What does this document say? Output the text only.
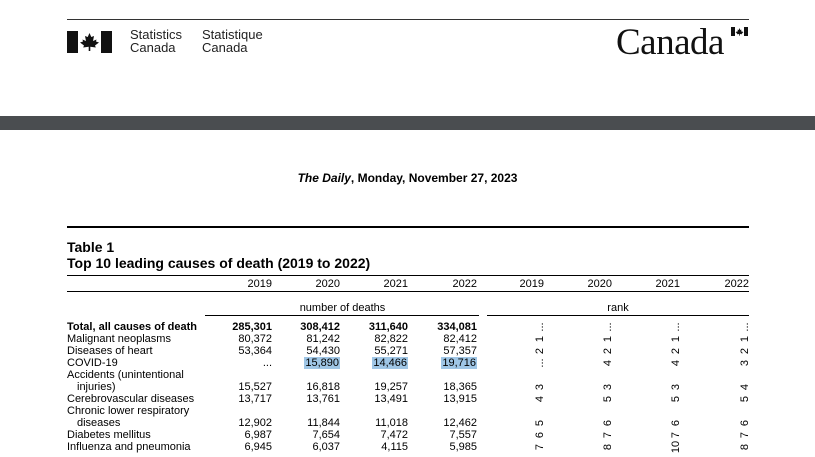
Statistics
Canada
Statistique
Canada	Canada
The Daily, Monday, November 27, 2023
Table 1
Top 10 leading causes of death (2019 to 2022)
2019	2020	2021	2022	2019	2020	2021	2022
number of deaths	rank
Total, all causes of death	285,301	308,412	311,640	334,081	...	...	...	...
Malignant neoplasms	80,372	81,242	82,822	82,412	1	1	1	1
Diseases of heart	53,364	54,430	55,271	57,357	2	2	2	2
COVID-19	...	15,890	14,466	19,716	...	4	4	3
Accidents (unintentional
injuries)	15,527	16,818	19,257	18,365	3	3	3	4
Cerebrovascular diseases	13,717	13,761	13,491	13,915	4	5	5	5
Chronic lower respiratory
diseases	12,902	11,844	11,018	12,462	5	6	6	6
Diabetes mellitus	6,987	7,654	7,472	7,557	6	7	7	7
Influenza and pneumonia	6,945	6,037	4,115	5,985	7	8	10	8
